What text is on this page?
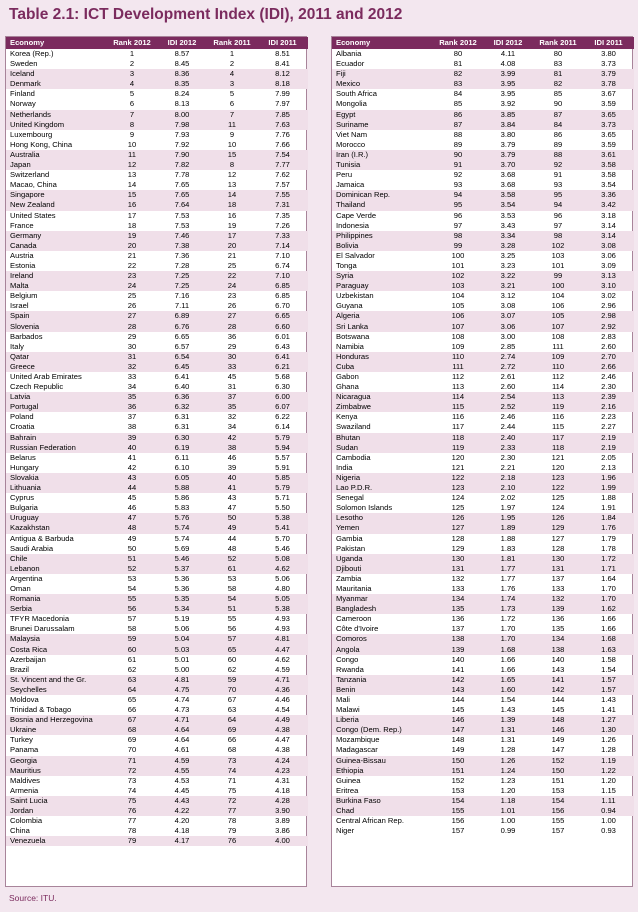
Table 2.1: ICT Development Index (IDI), 2011 and 2012
Economy	Rank 2012	IDI 2012	Rank 2011	IDI 2011
Korea (Rep.)	1	8.57	1	8.51
Sweden	2	8.45	2	8.41
Iceland	3	8.36	4	8.12
Denmark	4	8.35	3	8.18
Finland	5	8.24	5	7.99
Norway	6	8.13	6	7.97
Netherlands	7	8.00	7	7.85
United Kingdom	8	7.98	11	7.63
Luxembourg	9	7.93	9	7.76
Hong Kong, China	10	7.92	10	7.66
Australia	11	7.90	15	7.54
Japan	12	7.82	8	7.77
Switzerland	13	7.78	12	7.62
Macao, China	14	7.65	13	7.57
Singapore	15	7.65	14	7.55
New Zealand	16	7.64	18	7.31
United States	17	7.53	16	7.35
France	18	7.53	19	7.26
Germany	19	7.46	17	7.33
Canada	20	7.38	20	7.14
Austria	21	7.36	21	7.10
Estonia	22	7.28	25	6.74
Ireland	23	7.25	22	7.10
Malta	24	7.25	24	6.85
Belgium	25	7.16	23	6.85
Israel	26	7.11	26	6.70
Spain	27	6.89	27	6.65
Slovenia	28	6.76	28	6.60
Barbados	29	6.65	36	6.01
Italy	30	6.57	29	6.43
Qatar	31	6.54	30	6.41
Greece	32	6.45	33	6.21
United Arab Emirates	33	6.41	45	5.68
Czech Republic	34	6.40	31	6.30
Latvia	35	6.36	37	6.00
Portugal	36	6.32	35	6.07
Poland	37	6.31	32	6.22
Croatia	38	6.31	34	6.14
Bahrain	39	6.30	42	5.79
Russian Federation	40	6.19	38	5.94
Belarus	41	6.11	46	5.57
Hungary	42	6.10	39	5.91
Slovakia	43	6.05	40	5.85
Lithuania	44	5.88	41	5.79
Cyprus	45	5.86	43	5.71
Bulgaria	46	5.83	47	5.50
Uruguay	47	5.76	50	5.38
Kazakhstan	48	5.74	49	5.41
Antigua & Barbuda	49	5.74	44	5.70
Saudi Arabia	50	5.69	48	5.46
Chile	51	5.46	52	5.08
Lebanon	52	5.37	61	4.62
Argentina	53	5.36	53	5.06
Oman	54	5.36	58	4.80
Romania	55	5.35	54	5.05
Serbia	56	5.34	51	5.38
TFYR Macedonia	57	5.19	55	4.93
Brunei Darussalam	58	5.06	56	4.93
Malaysia	59	5.04	57	4.81
Costa Rica	60	5.03	65	4.47
Azerbaijan	61	5.01	60	4.62
Brazil	62	5.00	62	4.59
St. Vincent and the Gr.	63	4.81	59	4.71
Seychelles	64	4.75	70	4.36
Moldova	65	4.74	67	4.46
Trinidad & Tobago	66	4.73	63	4.54
Bosnia and Herzegovina	67	4.71	64	4.49
Ukraine	68	4.64	69	4.38
Turkey	69	4.64	66	4.47
Panama	70	4.61	68	4.38
Georgia	71	4.59	73	4.24
Mauritius	72	4.55	74	4.23
Maldives	73	4.53	71	4.31
Armenia	74	4.45	75	4.18
Saint Lucia	75	4.43	72	4.28
Jordan	76	4.22	77	3.90
Colombia	77	4.20	78	3.89
China	78	4.18	79	3.86
Venezuela	79	4.17	76	4.00
Economy	Rank 2012	IDI 2012	Rank 2011	IDI 2011
Albania	80	4.11	80	3.80
Ecuador	81	4.08	83	3.73
Fiji	82	3.99	81	3.79
Mexico	83	3.95	82	3.78
South Africa	84	3.95	85	3.67
Mongolia	85	3.92	90	3.59
Egypt	86	3.85	87	3.65
Suriname	87	3.84	84	3.73
Viet Nam	88	3.80	86	3.65
Morocco	89	3.79	89	3.59
Iran (I.R.)	90	3.79	88	3.61
Tunisia	91	3.70	92	3.58
Peru	92	3.68	91	3.58
Jamaica	93	3.68	93	3.54
Dominican Rep.	94	3.58	95	3.36
Thailand	95	3.54	94	3.42
Cape Verde	96	3.53	96	3.18
Indonesia	97	3.43	97	3.14
Philippines	98	3.34	98	3.14
Bolivia	99	3.28	102	3.08
El Salvador	100	3.25	103	3.06
Tonga	101	3.23	101	3.09
Syria	102	3.22	99	3.13
Paraguay	103	3.21	100	3.10
Uzbekistan	104	3.12	104	3.02
Guyana	105	3.08	106	2.96
Algeria	106	3.07	105	2.98
Sri Lanka	107	3.06	107	2.92
Botswana	108	3.00	108	2.83
Namibia	109	2.85	111	2.60
Honduras	110	2.74	109	2.70
Cuba	111	2.72	110	2.66
Gabon	112	2.61	112	2.46
Ghana	113	2.60	114	2.30
Nicaragua	114	2.54	113	2.39
Zimbabwe	115	2.52	119	2.16
Kenya	116	2.46	116	2.23
Swaziland	117	2.44	115	2.27
Bhutan	118	2.40	117	2.19
Sudan	119	2.33	118	2.19
Cambodia	120	2.30	121	2.05
India	121	2.21	120	2.13
Nigeria	122	2.18	123	1.96
Lao P.D.R.	123	2.10	122	1.99
Senegal	124	2.02	125	1.88
Solomon Islands	125	1.97	124	1.91
Lesotho	126	1.95	126	1.84
Yemen	127	1.89	129	1.76
Gambia	128	1.88	127	1.79
Pakistan	129	1.83	128	1.78
Uganda	130	1.81	130	1.72
Djibouti	131	1.77	131	1.71
Zambia	132	1.77	137	1.64
Mauritania	133	1.76	133	1.70
Myanmar	134	1.74	132	1.70
Bangladesh	135	1.73	139	1.62
Cameroon	136	1.72	136	1.66
Côte d'Ivoire	137	1.70	135	1.66
Comoros	138	1.70	134	1.68
Angola	139	1.68	138	1.63
Congo	140	1.66	140	1.58
Rwanda	141	1.66	143	1.54
Tanzania	142	1.65	141	1.57
Benin	143	1.60	142	1.57
Mali	144	1.54	144	1.43
Malawi	145	1.43	145	1.41
Liberia	146	1.39	148	1.27
Congo (Dem. Rep.)	147	1.31	146	1.30
Mozambique	148	1.31	149	1.26
Madagascar	149	1.28	147	1.28
Guinea-Bissau	150	1.26	152	1.19
Ethiopia	151	1.24	150	1.22
Guinea	152	1.23	151	1.20
Eritrea	153	1.20	153	1.15
Burkina Faso	154	1.18	154	1.11
Chad	155	1.01	156	0.94
Central African Rep.	156	1.00	155	1.00
Niger	157	0.99	157	0.93
Source: ITU.
